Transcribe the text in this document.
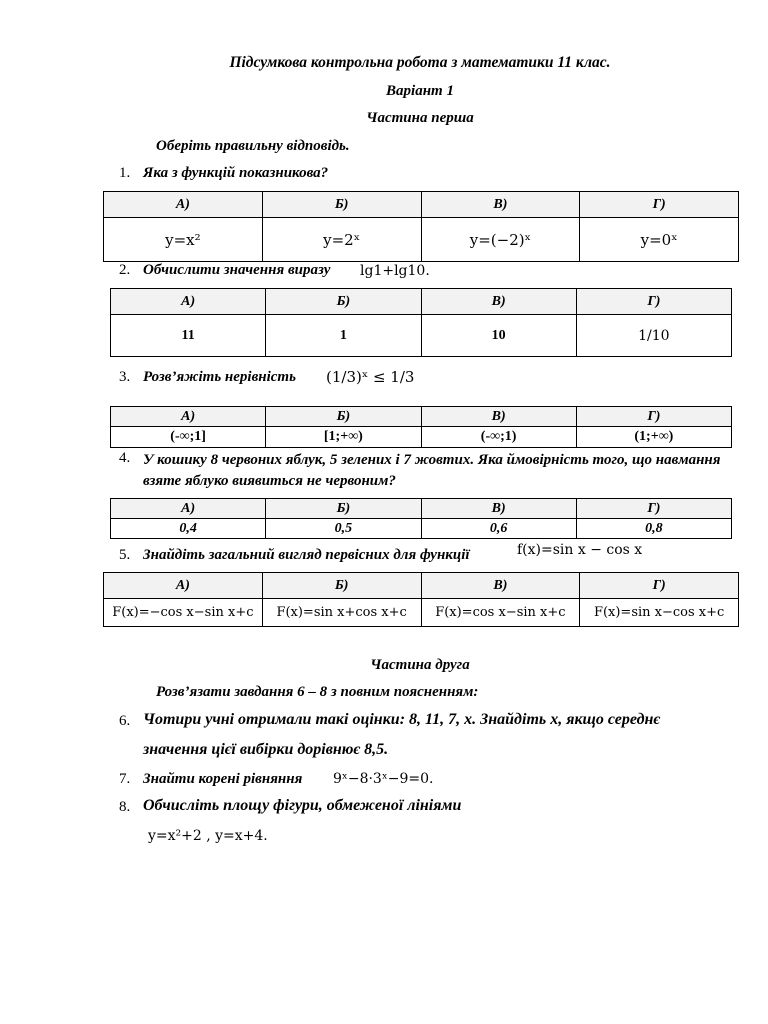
Підсумкова контрольна робота з математики 11 клас.
Варіант 1
Частина перша
Оберіть правильну відповідь.
1. Яка з функцій показникова?
А)	Б)	В)	Г)
y=x²	y=2ˣ	y=(−2)ˣ	y=0ˣ
2. Обчислити значення виразу lg1+lg10.
А)	Б)	В)	Г)
11	1	10	1/10
3. Розв’яжіть нерівність (1/3)ˣ ≤ 1/3
А)	Б)	В)	Г)
(-∞;1]	[1;+∞)	(-∞;1)	(1;+∞)
4. У кошику 8 червоних яблук, 5 зелених і 7 жовтих. Яка ймовірність того, що навмання взяте яблуко виявиться не червоним?
А)	Б)	В)	Г)
0,4	0,5	0,6	0,8
5. Знайдіть загальний вигляд первісних для функції	f(x)=sin x − cos x
А)	Б)	В)	Г)
F(x)=−cos x−sin x+c	F(x)=sin x+cos x+c	F(x)=cos x−sin x+c	F(x)=sin x−cos x+c
Частина друга
Розв’язати завдання 6 – 8 з повним поясненням:
6. Чотири учні отримали такі оцінки: 8, 11, 7, х. Знайдіть х, якщо середнє
значення цієї вибірки дорівнює 8,5.
7. Знайти корені рівняння 9ˣ−8·3ˣ−9=0.
8. Обчисліть площу фігури, обмеженої лініями
y=x²+2 , y=x+4.
